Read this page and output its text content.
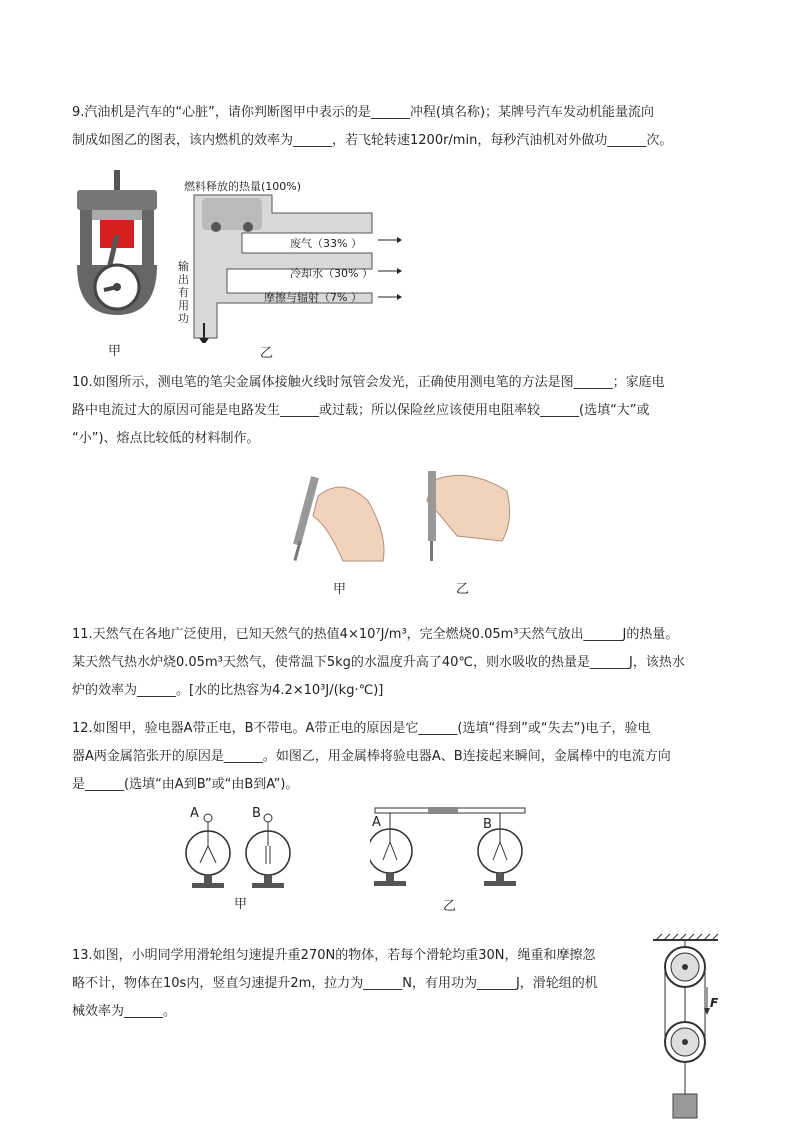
9.汽油机是汽车的“心脏”，请你判断图甲中表示的是______冲程(填名称)；某牌号汽车发动机能量流向
制成如图乙的图表，该内燃机的效率为______，若飞轮转速1200r/min，每秒汽油机对外做功______次。
甲
燃料释放的热量(100%)
废气（33% ）
冷却水（30% ）
摩擦与辐射（7% ）
输
出
有
用
功
乙
10.如图所示，测电笔的笔尖金属体接触火线时氖管会发光，正确使用测电笔的方法是图______；家庭电
路中电流过大的原因可能是电路发生______或过载；所以保险丝应该使用电阻率较______(选填“大”或
“小”)、熔点比较低的材料制作。
甲	乙
11.天然气在各地广泛使用，已知天然气的热值4×10⁷J/m³，完全燃烧0.05m³天然气放出______J的热量。
某天然气热水炉烧0.05m³天然气，使常温下5kg的水温度升高了40℃，则水吸收的热量是______J，该热水
炉的效率为______。[水的比热容为4.2×10³J/(kg·℃)]
12.如图甲，验电器A带正电，B不带电。A带正电的原因是它______(选填“得到”或“失去”)电子，验电
器A两金属箔张开的原因是______。如图乙，用金属棒将验电器A、B连接起来瞬间，金属棒中的电流方向
是______(选填“由A到B”或“由B到A”)。
A	B
甲
A	B
乙
13.如图，小明同学用滑轮组匀速提升重270N的物体，若每个滑轮均重30N，绳重和摩擦忽
略不计，物体在10s内，竖直匀速提升2m，拉力为______N，有用功为______J，滑轮组的机
械效率为______。
F
